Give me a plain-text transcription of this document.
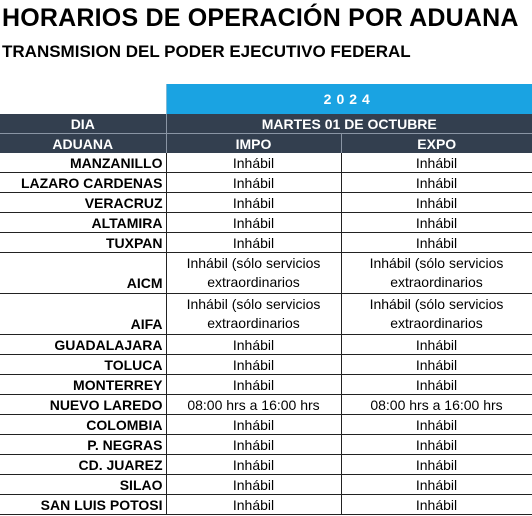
HORARIOS DE OPERACIÓN POR ADUANA
TRANSMISION DEL PODER EJECUTIVO FEDERAL
	2024	
DIA	MARTES 01 DE OCTUBRE	
ADUANA	IMPO	EXPO
MANZANILLO	Inhábil	Inhábil
LAZARO CARDENAS	Inhábil	Inhábil
VERACRUZ	Inhábil	Inhábil
ALTAMIRA	Inhábil	Inhábil
TUXPAN	Inhábil	Inhábil
AICM	Inhábil (sólo servicios extraordinarios	Inhábil (sólo servicios extraordinarios
AIFA	Inhábil (sólo servicios extraordinarios	Inhábil (sólo servicios extraordinarios
GUADALAJARA	Inhábil	Inhábil
TOLUCA	Inhábil	Inhábil
MONTERREY	Inhábil	Inhábil
NUEVO LAREDO	08:00 hrs a 16:00 hrs	08:00 hrs a 16:00 hrs
COLOMBIA	Inhábil	Inhábil
P. NEGRAS	Inhábil	Inhábil
CD. JUAREZ	Inhábil	Inhábil
SILAO	Inhábil	Inhábil
SAN LUIS POTOSI	Inhábil	Inhábil
